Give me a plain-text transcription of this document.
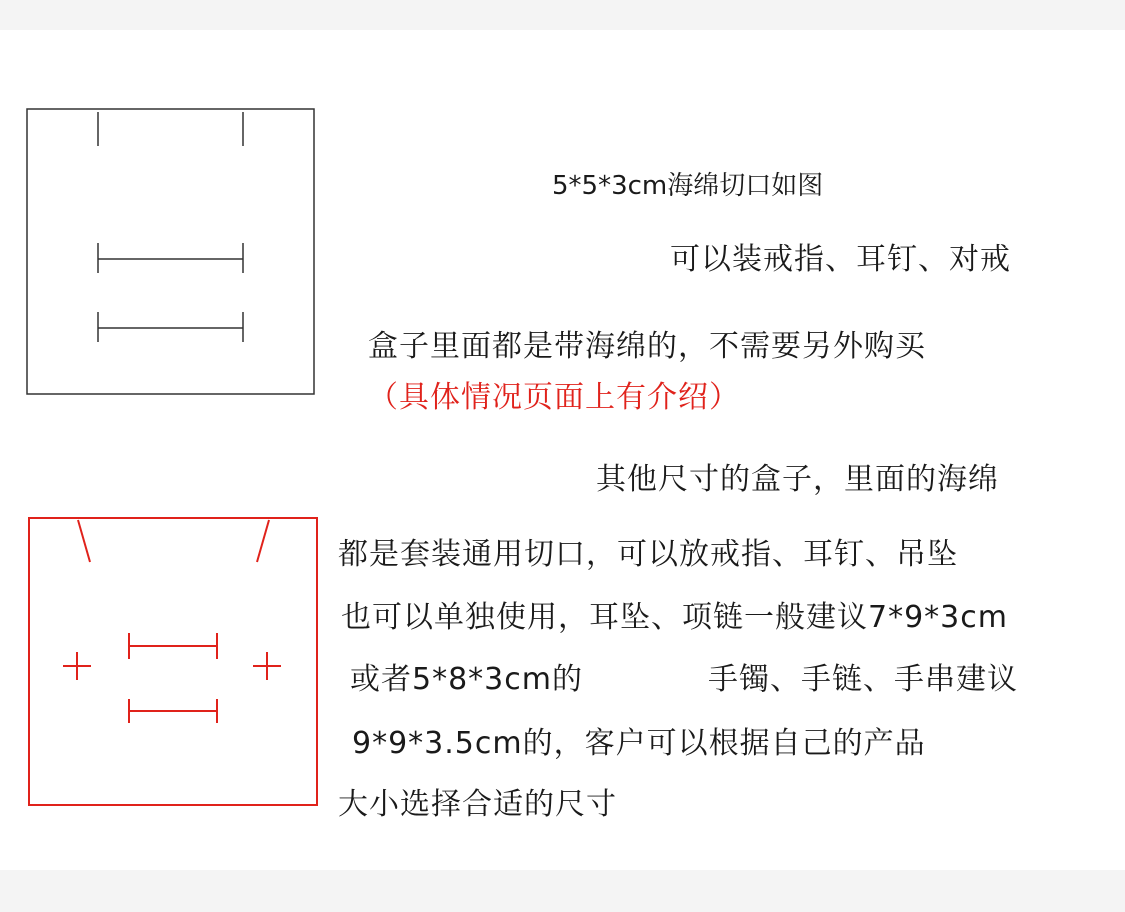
5*5*3cm海绵切口如图
可以装戒指、耳钉、对戒
盒子里面都是带海绵的，不需要另外购买
（具体情况页面上有介绍）
其他尺寸的盒子，里面的海绵
都是套装通用切口，可以放戒指、耳钉、吊坠
也可以单独使用，耳坠、项链一般建议7*9*3cm
或者5*8*3cm的	手镯、手链、手串建议
9*9*3.5cm的，客户可以根据自己的产品
大小选择合适的尺寸
